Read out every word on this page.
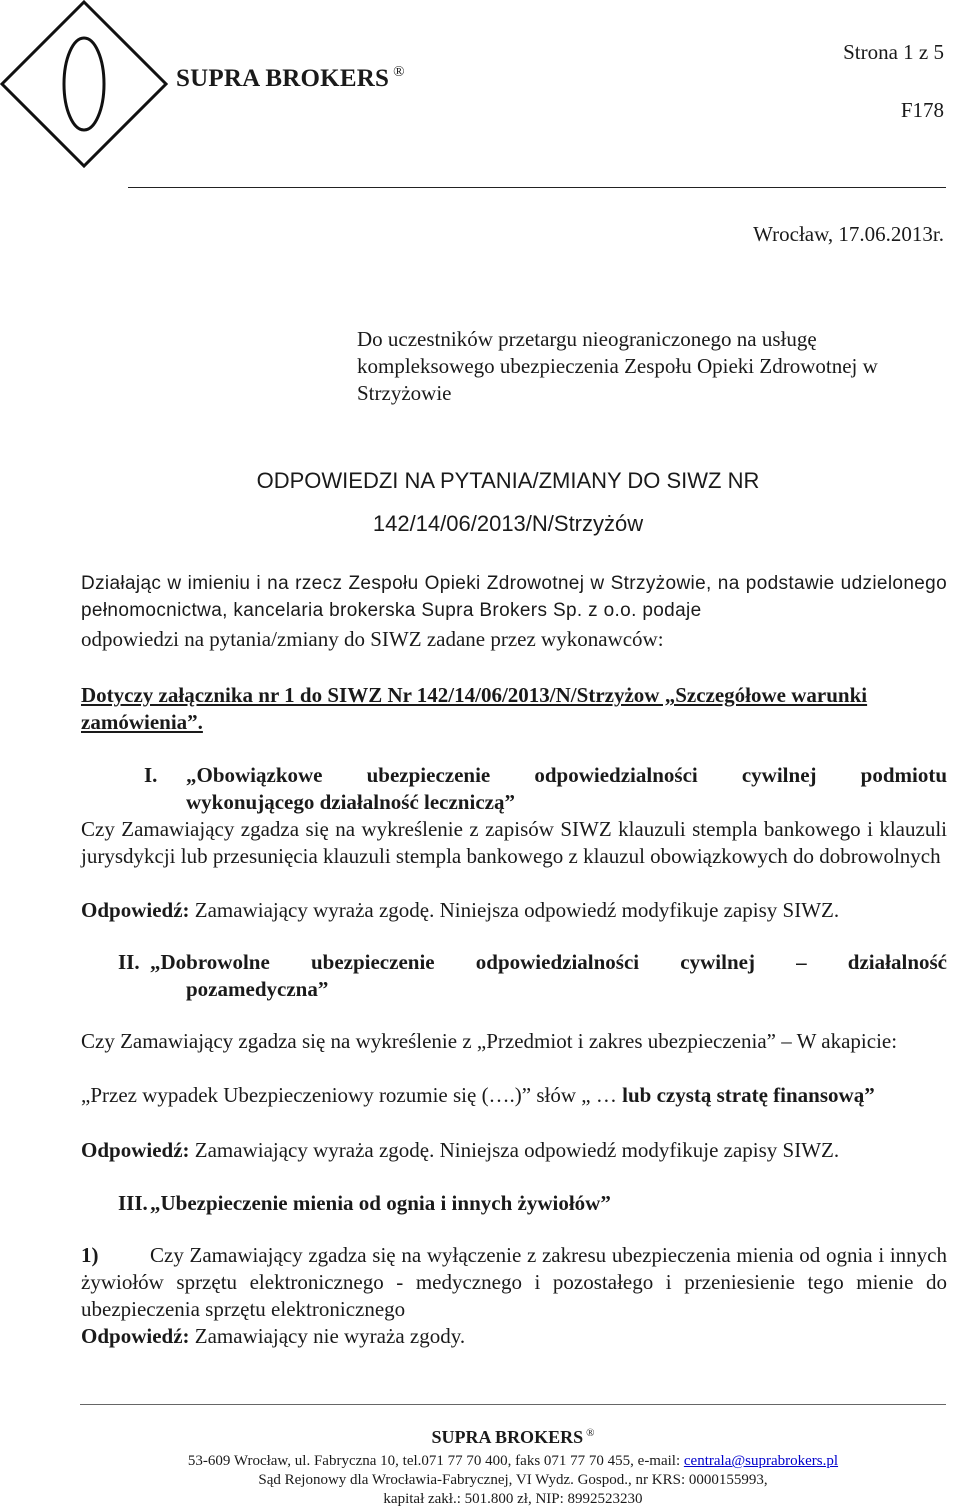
SUPRA BROKERS ®
Strona 1 z 5
F178
Wrocław, 17.06.2013r.
Do uczestników przetargu nieograniczonego na usługę kompleksowego ubezpieczenia Zespołu Opieki Zdrowotnej w Strzyżowie
ODPOWIEDZI NA PYTANIA/ZMIANY DO SIWZ NR
142/14/06/2013/N/Strzyżów
Działając w imieniu i na rzecz Zespołu Opieki Zdrowotnej w Strzyżowie, na podstawie udzielonego pełnomocnictwa, kancelaria brokerska Supra Brokers Sp. z o.o. podaje
odpowiedzi na pytania/zmiany do SIWZ zadane przez wykonawców:
Dotyczy załącznika nr 1 do SIWZ Nr 142/14/06/2013/N/Strzyżow „Szczegółowe warunki zamówienia”.
I. „Obowiązkowe ubezpieczenie odpowiedzialności cywilnej podmiotu
wykonującego działalność leczniczą”
Czy Zamawiający zgadza się na wykreślenie z zapisów SIWZ klauzuli stempla bankowego i klauzuli jurysdykcji lub przesunięcia klauzuli stempla bankowego z klauzul obowiązkowych do dobrowolnych
Odpowiedź: Zamawiający wyraża zgodę. Niniejsza odpowiedź modyfikuje zapisy SIWZ.
II. „Dobrowolne ubezpieczenie odpowiedzialności cywilnej – działalność
pozamedyczna”
Czy Zamawiający zgadza się na wykreślenie z „Przedmiot i zakres ubezpieczenia” – W akapicie:
„Przez wypadek Ubezpieczeniowy rozumie się (….)” słów „ … lub czystą stratę finansową”
Odpowiedź: Zamawiający wyraża zgodę. Niniejsza odpowiedź modyfikuje zapisy SIWZ.
III. „Ubezpieczenie mienia od ognia i innych żywiołów”
1)	Czy Zamawiający zgadza się na wyłączenie z zakresu ubezpieczenia mienia od ognia i innych żywiołów sprzętu elektronicznego - medycznego i pozostałego i przeniesienie tego mienie do ubezpieczenia sprzętu elektronicznego
Odpowiedź: Zamawiający nie wyraża zgody.
SUPRA BROKERS ®
53-609 Wrocław, ul. Fabryczna 10, tel.071 77 70 400, faks 071 77 70 455, e-mail: centrala@suprabrokers.pl
Sąd Rejonowy dla Wrocławia-Fabrycznej, VI Wydz. Gospod., nr KRS: 0000155993,
kapitał zakł.: 501.800 zł, NIP: 8992523230
